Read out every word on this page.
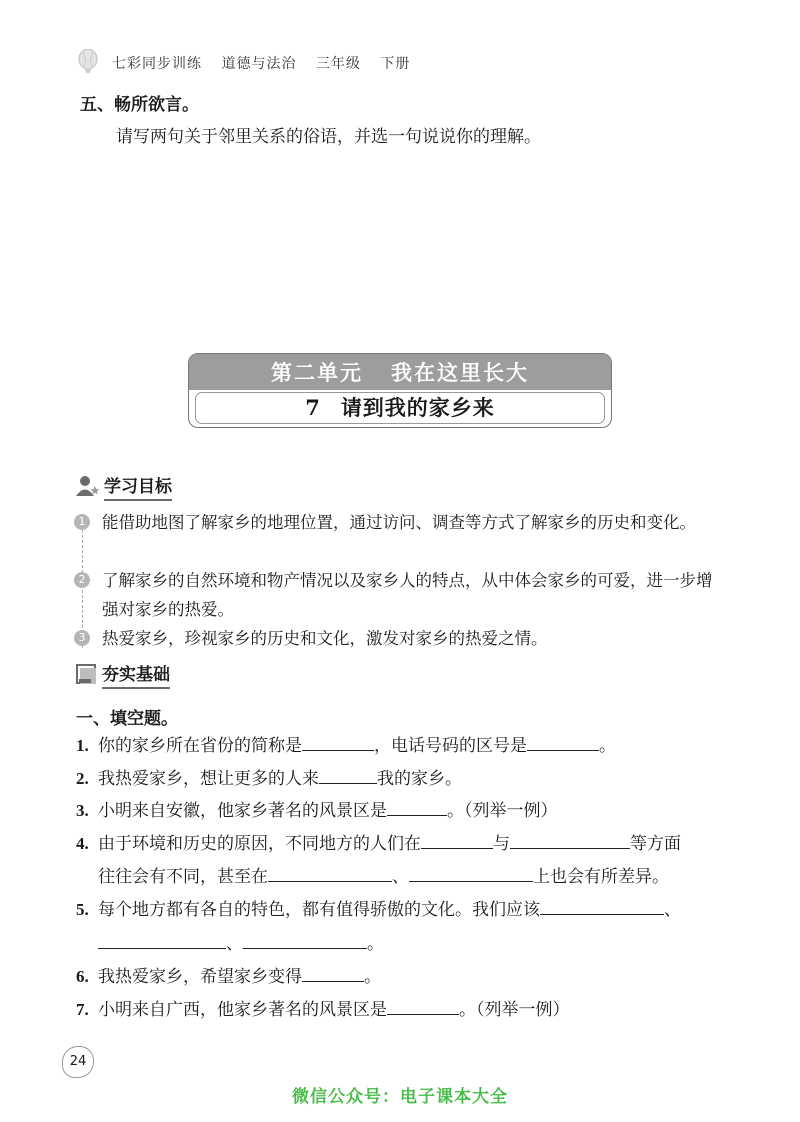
七彩同步训练 道德与法治 三年级 下册
五、畅所欲言。
请写两句关于邻里关系的俗语，并选一句说说你的理解。
第二单元 我在这里长大
7 请到我的家乡来
学习目标
1 能借助地图了解家乡的地理位置，通过访问、调查等方式了解家乡的历史和变化。
2 了解家乡的自然环境和物产情况以及家乡人的特点，从中体会家乡的可爱，进一步增强对家乡的热爱。
3 热爱家乡，珍视家乡的历史和文化，激发对家乡的热爱之情。
夯实基础
一、填空题。
1. 你的家乡所在省份的简称是	，电话号码的区号是	。
2. 我热爱家乡，想让更多的人来	我的家乡。
3. 小明来自安徽，他家乡著名的风景区是	。（列举一例）
4. 由于环境和历史的原因，不同地方的人们在	与	等方面
往往会有不同，甚至在	、	上也会有所差异。
5. 每个地方都有各自的特色，都有值得骄傲的文化。我们应该	、
、	。
6. 我热爱家乡，希望家乡变得	。
7. 小明来自广西，他家乡著名的风景区是	。（列举一例）
24
微信公众号：电子课本大全
